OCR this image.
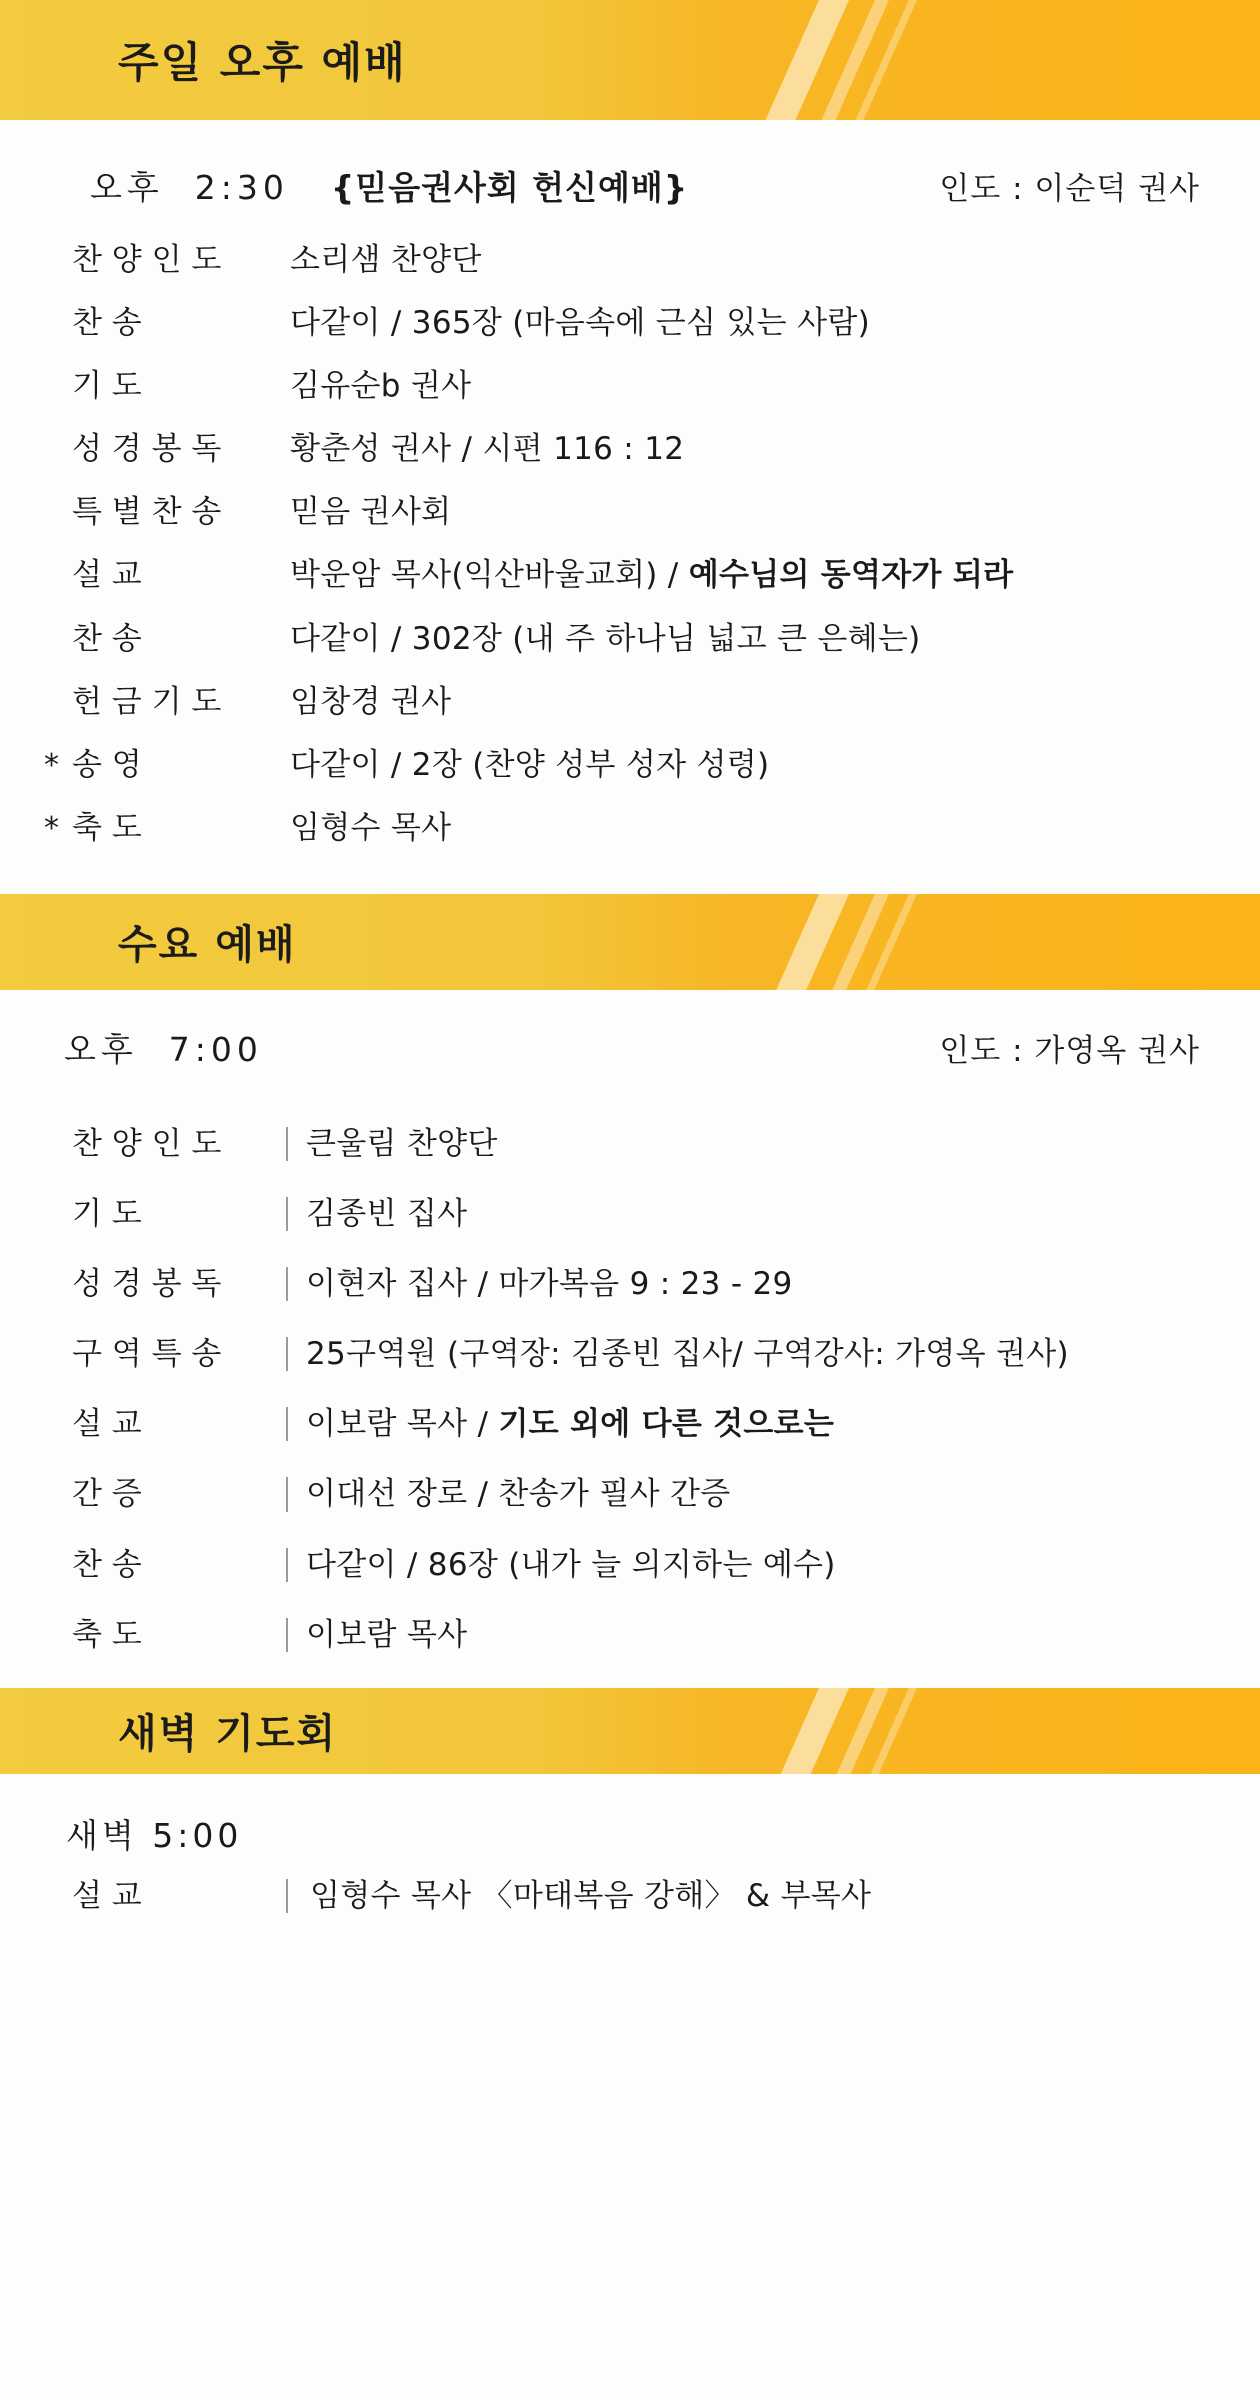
주일 오후 예배
오후  2:30 {믿음권사회 헌신예배}	인도 : 이순덕 권사
찬 양 인 도	소리샘 찬양단
찬 송	다같이 / 365장 (마음속에 근심 있는 사람)
기 도	김유순b 권사
성 경 봉 독	황춘성 권사 / 시편 116 : 12
특 별 찬 송	믿음 권사회
설 교	박운암 목사(익산바울교회) / 예수님의 동역자가 되라
찬 송	다같이 / 302장 (내 주 하나님 넓고 큰 은혜는)
헌 금 기 도	임창경 권사
* 송 영	다같이 / 2장 (찬양 성부 성자 성령)
* 축 도	임형수 목사
수요 예배
오후  7:00	인도 : 가영옥 권사
찬 양 인 도	큰울림 찬양단
기 도	김종빈 집사
성 경 봉 독	이현자 집사 / 마가복음 9 : 23 - 29
구 역 특 송	25구역원 (구역장: 김종빈 집사/ 구역강사: 가영옥 권사)
설 교	이보람 목사 / 기도 외에 다른 것으로는
간 증	이대선 장로 / 찬송가 필사 간증
찬 송	다같이 / 86장 (내가 늘 의지하는 예수)
축 도	이보람 목사
새벽 기도회
새벽 5:00
설 교	임형수 목사 〈마태복음 강해〉 & 부목사
